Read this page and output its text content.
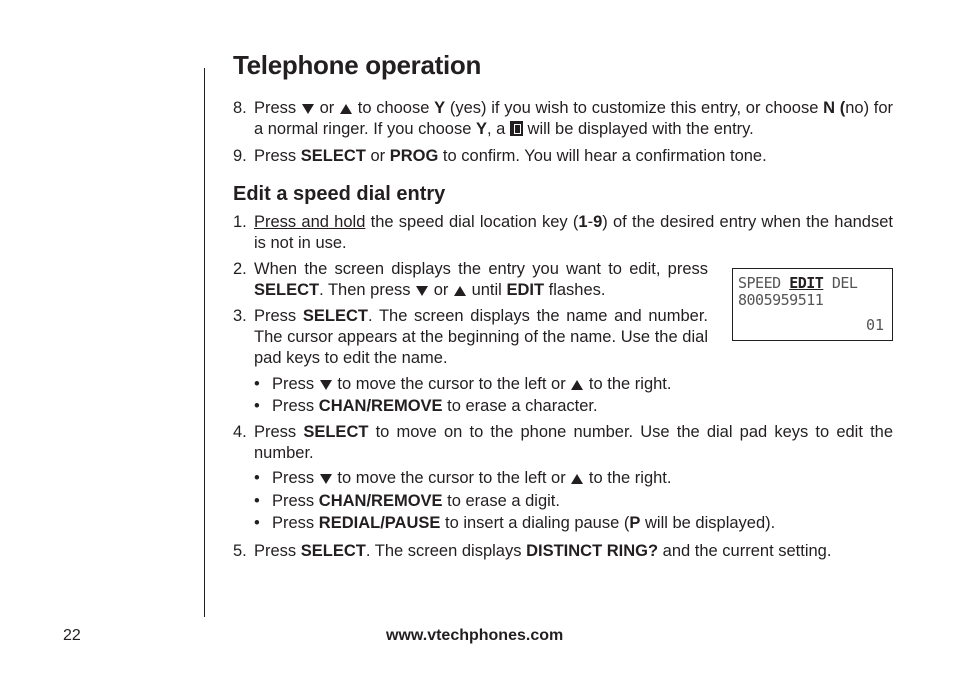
Telephone operation
8. Press or to choose Y (yes) if you wish to customize this entry, or choose N (no) for a normal ringer. If you choose Y, a will be displayed with the entry.
9. Press SELECT or PROG to confirm. You will hear a confirmation tone.
Edit a speed dial entry
1. Press and hold the speed dial location key (1-9) of the desired entry when the handset is not in use.
2. When the screen displays the entry you want to edit, press SELECT. Then press or until EDIT flashes.
3. Press SELECT. The screen displays the name and number. The cursor appears at the beginning of the name. Use the dial pad keys to edit the name.
SPEED EDIT DEL
8005959511
01
• Press to move the cursor to the left or to the right.
• Press CHAN/REMOVE to erase a character.
4. Press SELECT to move on to the phone number. Use the dial pad keys to edit the number.
• Press to move the cursor to the left or to the right.
• Press CHAN/REMOVE to erase a digit.
• Press REDIAL/PAUSE to insert a dialing pause (P will be displayed).
5. Press SELECT. The screen displays DISTINCT RING? and the current setting.
22	www.vtechphones.com
